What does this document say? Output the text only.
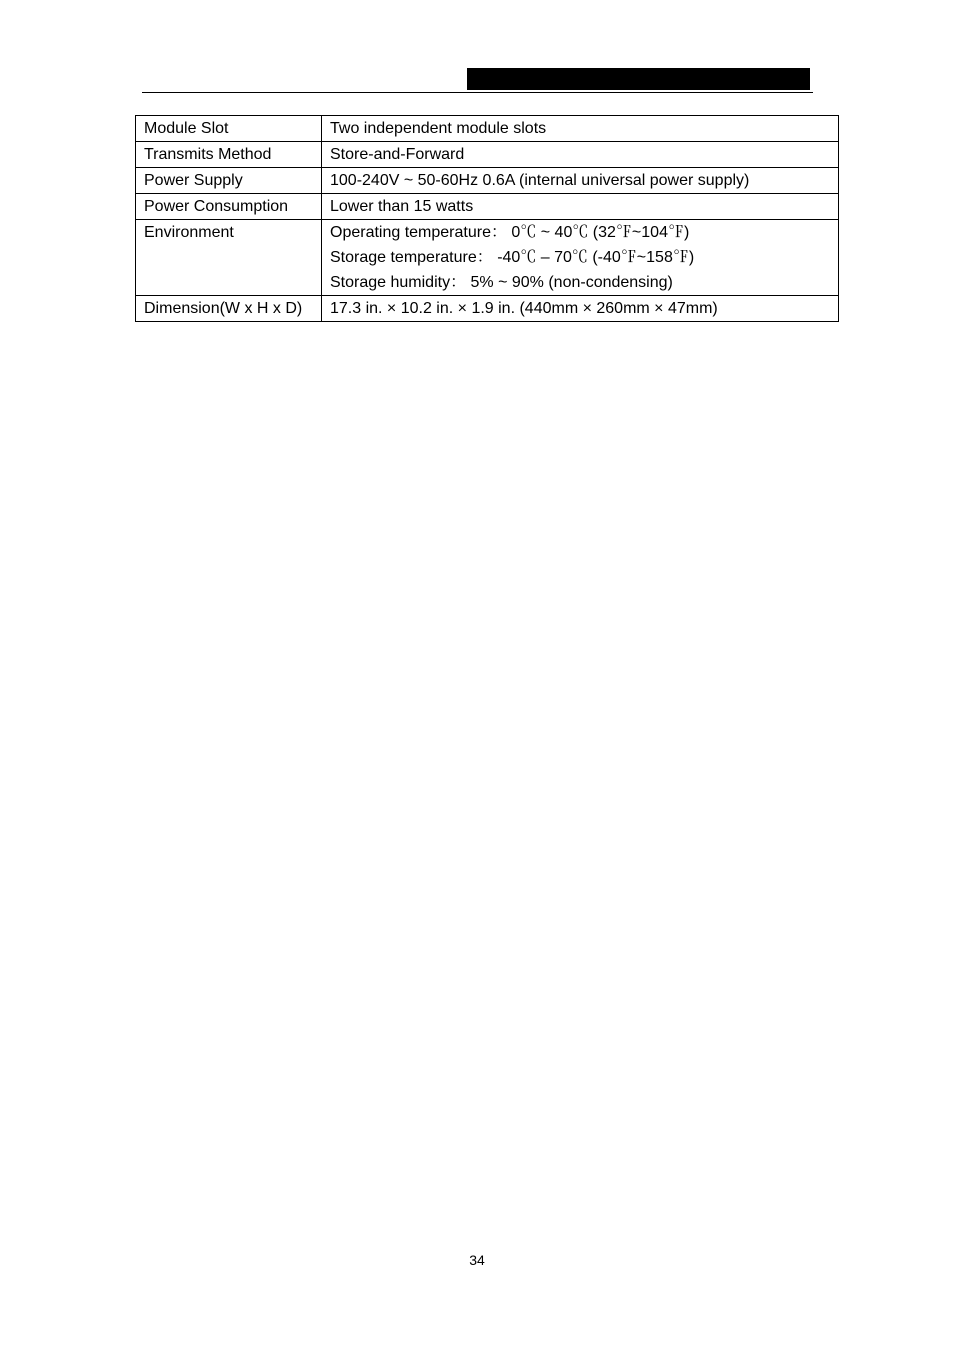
Module Slot	Two independent module slots
Transmits Method	Store-and-Forward
Power Supply	100-240V ~ 50-60Hz 0.6A (internal universal power supply)
Power Consumption	Lower than 15 watts
Environment	Operating temperature： 0℃ ~ 40℃ (32℉~104℉)
Storage temperature： -40℃ – 70℃ (-40℉~158℉)
Storage humidity： 5% ~ 90% (non-condensing)

Dimension(W x H x D)	17.3 in. × 10.2 in. × 1.9 in. (440mm × 260mm × 47mm)
34
